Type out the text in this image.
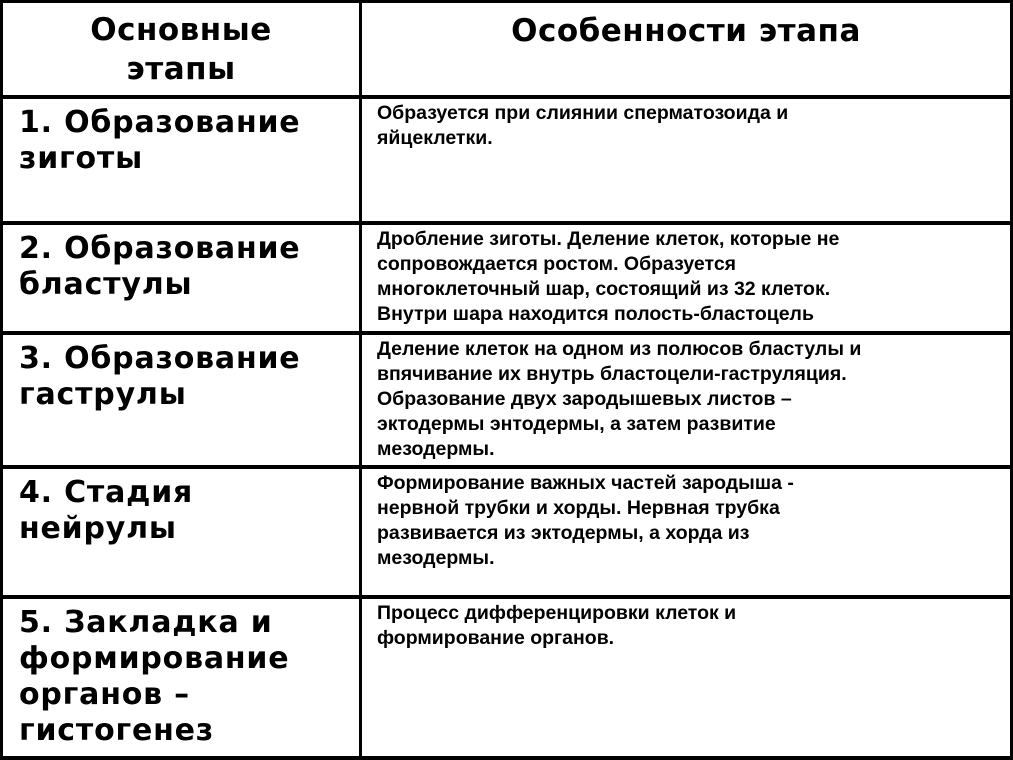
Основные
этапы
Особенности этапа
1. Образование
зиготы
Образуется при слиянии сперматозоида и
яйцеклетки.
2. Образование
бластулы
Дробление зиготы. Деление клеток, которые не
сопровождается ростом. Образуется
многоклеточный шар, состоящий из 32 клеток.
Внутри шара находится полость-бластоцель
3. Образование
гаструлы
Деление клеток на одном из полюсов бластулы и
впячивание их внутрь бластоцели-гаструляция.
Образование двух зародышевых листов –
эктодермы энтодермы, а затем развитие
мезодермы.
4. Стадия
нейрулы
Формирование важных частей зародыша -
нервной трубки и хорды. Нервная трубка
развивается из эктодермы, а хорда из
мезодермы.
5. Закладка и
формирование
органов –
гистогенез
Процесс дифференцировки клеток и
формирование органов.
